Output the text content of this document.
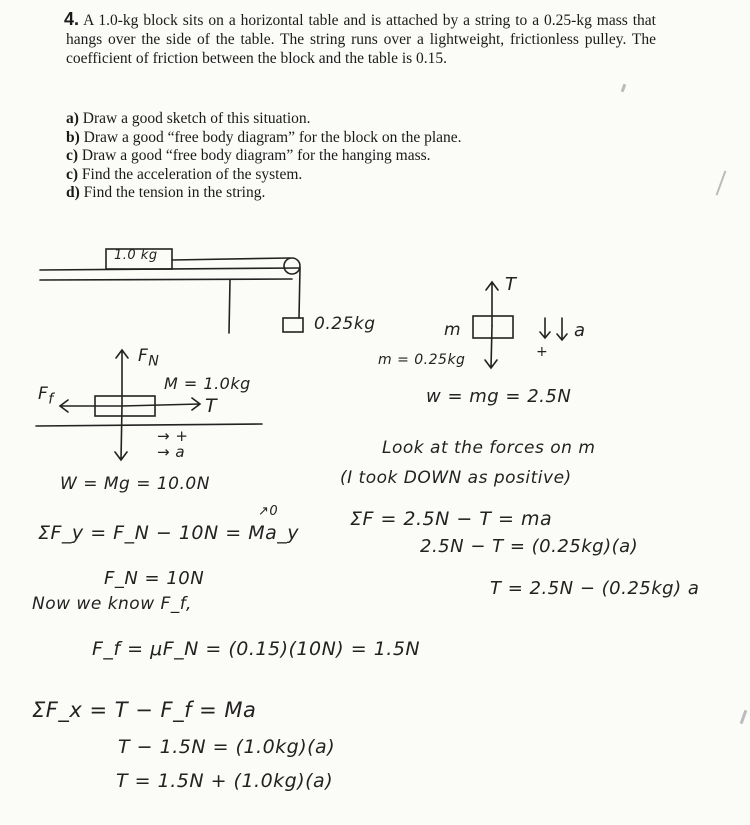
4. A 1.0-kg block sits on a horizontal table and is attached by a string to a 0.25-kg mass that hangs over the side of the table. The string runs over a lightweight, frictionless pulley. The coefficient of friction between the block and the table is 0.15.
a) Draw a good sketch of this situation.
b) Draw a good “free body diagram” for the block on the plane.
c) Draw a good “free body diagram” for the hanging mass.
c) Find the acceleration of the system.
d) Find the tension in the string.
1.0 kg
0.25kg
$F_N$
M = 1.0kg
$F_f$	T
→ +
→ a
W = Mg = 10.0N
ΣF_y = F_N − 10N = Ma_y
↗0
F_N = 10N
Now we know F_f,
F_f = μF_N = (0.15)(10N) = 1.5N
ΣF_x = T − F_f = Ma
T − 1.5N = (1.0kg)(a)
T = 1.5N + (1.0kg)(a)
T
m	a
+
m = 0.25kg
w = mg = 2.5N
Look at the forces on m
(I took DOWN as positive)
ΣF = 2.5N − T = ma
2.5N − T = (0.25kg)(a)
T = 2.5N − (0.25kg) a
